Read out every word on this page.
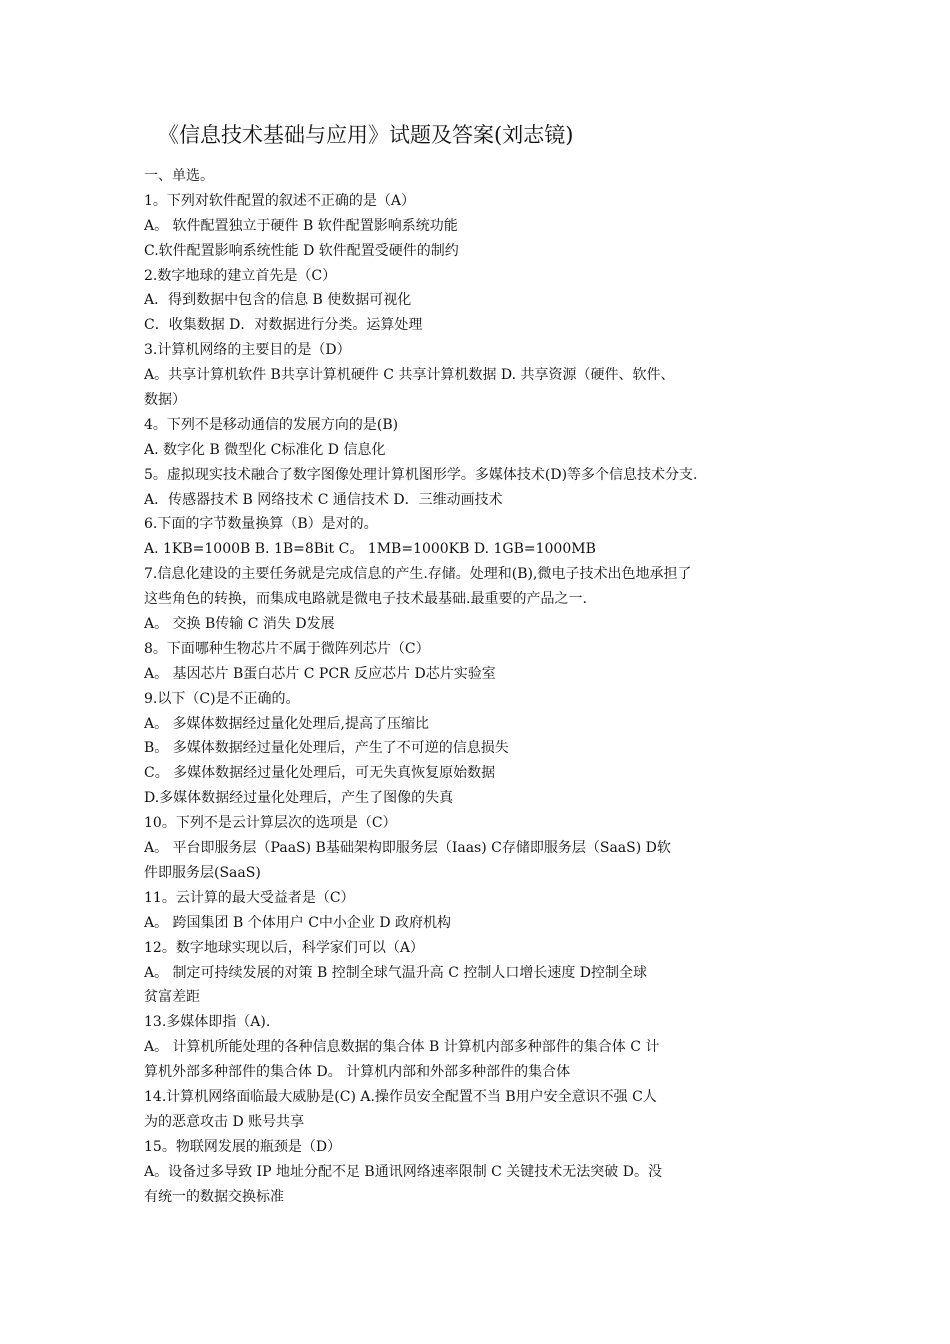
《信息技术基础与应用》试题及答案(刘志镜)
一、单选。
1。下列对软件配置的叙述不正确的是（A）
A。 软件配置独立于硬件 B 软件配置影响系统功能
C.软件配置影响系统性能 D 软件配置受硬件的制约
2.数字地球的建立首先是（C）
A．得到数据中包含的信息 B 使数据可视化
C．收集数据 D．对数据进行分类。运算处理
3.计算机网络的主要目的是（D）
A。共享计算机软件 B共享计算机硬件 C 共享计算机数据 D. 共享资源（硬件、软件、
数据）
4。下列不是移动通信的发展方向的是(B)
A. 数字化 B 微型化 C标准化 D 信息化
5。虚拟现实技术融合了数字图像处理计算机图形学。多媒体技术(D)等多个信息技术分支.
A．传感器技术 B 网络技术 C 通信技术 D．三维动画技术
6.下面的字节数量换算（B）是对的。
A. 1KB=1000B B. 1B=8Bit C。 1MB=1000KB D. 1GB=1000MB
7.信息化建设的主要任务就是完成信息的产生.存储。处理和(B),微电子技术出色地承担了
这些角色的转换，而集成电路就是微电子技术最基础.最重要的产品之一.
A。 交换 B传输 C 消失 D发展
8。下面哪种生物芯片不属于微阵列芯片（C）
A。 基因芯片 B蛋白芯片 C PCR 反应芯片 D芯片实验室
9.以下（C)是不正确的。
A。 多媒体数据经过量化处理后,提高了压缩比
B。 多媒体数据经过量化处理后，产生了不可逆的信息损失
C。 多媒体数据经过量化处理后，可无失真恢复原始数据
D.多媒体数据经过量化处理后，产生了图像的失真
10。下列不是云计算层次的选项是（C）
A。 平台即服务层（PaaS) B基础架构即服务层（Iaas) C存储即服务层（SaaS) D软
件即服务层(SaaS)
11。云计算的最大受益者是（C）
A。 跨国集团 B 个体用户 C中小企业 D 政府机构
12。数字地球实现以后，科学家们可以（A）
A。 制定可持续发展的对策 B 控制全球气温升高 C 控制人口增长速度 D控制全球
贫富差距
13.多媒体即指（A).
A。 计算机所能处理的各种信息数据的集合体 B 计算机内部多种部件的集合体 C 计
算机外部多种部件的集合体 D。 计算机内部和外部多种部件的集合体
14.计算机网络面临最大威胁是(C) A.操作员安全配置不当 B用户安全意识不强 C人
为的恶意攻击 D 账号共享
15。物联网发展的瓶颈是（D）
A。设备过多导致 IP 地址分配不足 B通讯网络速率限制 C 关键技术无法突破 D。没
有统一的数据交换标准
